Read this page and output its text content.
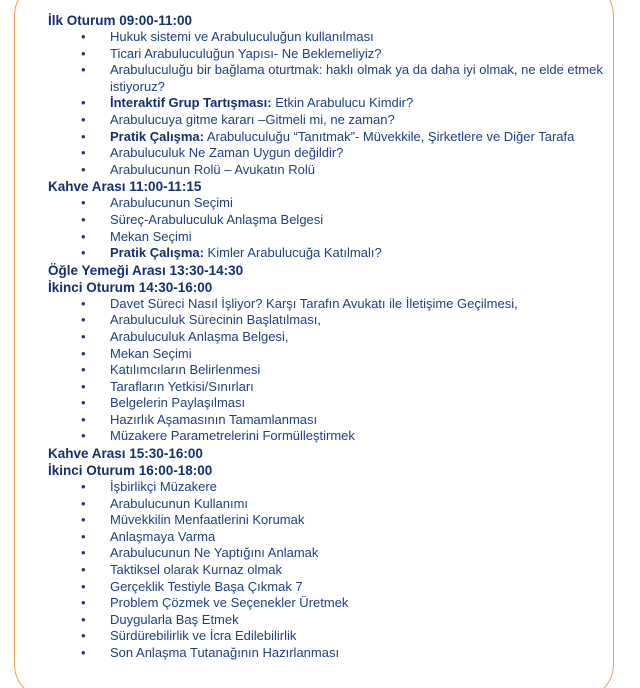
İlk Oturum 09:00-11:00
• Hukuk sistemi ve Arabuluculuğun kullanılması
• Ticari Arabuluculuğun Yapısı- Ne Beklemeliyiz?
• Arabuluculuğu bir bağlama oturtmak: haklı olmak ya da daha iyi olmak, ne elde etmek istiyoruz?
• İnteraktif Grup Tartışması: Etkin Arabulucu Kimdir?
• Arabulucuya gitme kararı –Gitmeli mi, ne zaman?
• Pratik Çalışma: Arabuluculuğu “Tanıtmak”- Müvekkile, Şirketlere ve Diğer Tarafa
• Arabuluculuk Ne Zaman Uygun değildir?
• Arabulucunun Rolü – Avukatın Rolü
Kahve Arası 11:00-11:15
• Arabulucunun Seçimi
• Süreç-Arabuluculuk Anlaşma Belgesi
• Mekan Seçimi
• Pratik Çalışma: Kimler Arabulucuğa Katılmalı?
Öğle Yemeği Arası 13:30-14:30
İkinci Oturum 14:30-16:00
• Davet Süreci Nasıl İşliyor? Karşı Tarafın Avukatı ile İletişime Geçilmesi,
• Arabuluculuk Sürecinin Başlatılması,
• Arabuluculuk Anlaşma Belgesi,
• Mekan Seçimi
• Katılımcıların Belirlenmesi
• Tarafların Yetkisi/Sınırları
• Belgelerin Paylaşılması
• Hazırlık Aşamasının Tamamlanması
• Müzakere Parametrelerini Formülleştirmek
Kahve Arası 15:30-16:00
İkinci Oturum 16:00-18:00
• İşbirlikçi Müzakere
• Arabulucunun Kullanımı
• Müvekkilin Menfaatlerini Korumak
• Anlaşmaya Varma
• Arabulucunun Ne Yaptığını Anlamak
• Taktiksel olarak Kurnaz olmak
• Gerçeklik Testiyle Başa Çıkmak 7
• Problem Çözmek ve Seçenekler Üretmek
• Duygularla Baş Etmek
• Sürdürebilirlik ve İcra Edilebilirlik
• Son Anlaşma Tutanağının Hazırlanması
